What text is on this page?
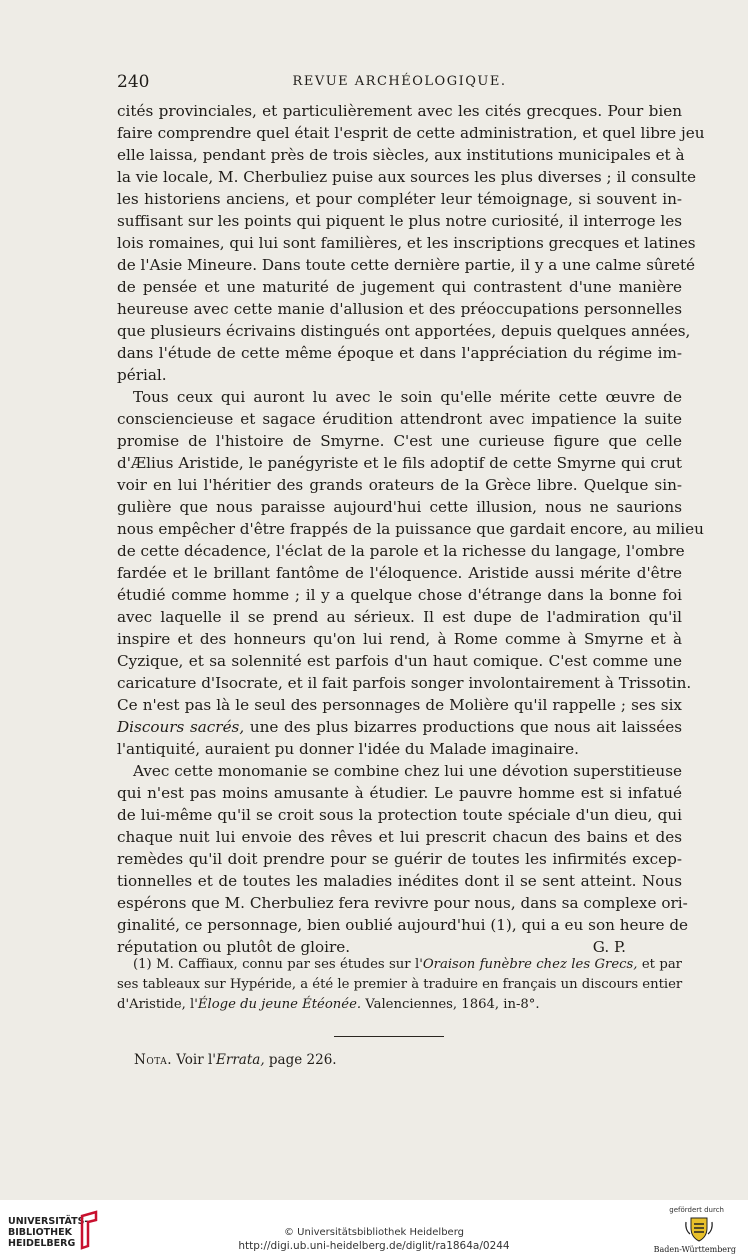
240	REVUE ARCHÉOLOGIQUE.
cités provinciales, et particulièrement avec les cités grecques. Pour bien
faire comprendre quel était l'esprit de cette administration, et quel libre jeu
elle laissa, pendant près de trois siècles, aux institutions municipales et à
la vie locale, M. Cherbuliez puise aux sources les plus diverses ; il consulte
les historiens anciens, et pour compléter leur témoignage, si souvent in-
suffisant sur les points qui piquent le plus notre curiosité, il interroge les
lois romaines, qui lui sont familières, et les inscriptions grecques et latines
de l'Asie Mineure. Dans toute cette dernière partie, il y a une calme sûreté
de pensée et une maturité de jugement qui contrastent d'une manière
heureuse avec cette manie d'allusion et des préoccupations personnelles
que plusieurs écrivains distingués ont apportées, depuis quelques années,
dans l'étude de cette même époque et dans l'appréciation du régime im-
périal.
Tous ceux qui auront lu avec le soin qu'elle mérite cette œuvre de
consciencieuse et sagace érudition attendront avec impatience la suite
promise de l'histoire de Smyrne. C'est une curieuse figure que celle
d'Ælius Aristide, le panégyriste et le fils adoptif de cette Smyrne qui crut
voir en lui l'héritier des grands orateurs de la Grèce libre. Quelque sin-
gulière que nous paraisse aujourd'hui cette illusion, nous ne saurions
nous empêcher d'être frappés de la puissance que gardait encore, au milieu
de cette décadence, l'éclat de la parole et la richesse du langage, l'ombre
fardée et le brillant fantôme de l'éloquence. Aristide aussi mérite d'être
étudié comme homme ; il y a quelque chose d'étrange dans la bonne foi
avec laquelle il se prend au sérieux. Il est dupe de l'admiration qu'il
inspire et des honneurs qu'on lui rend, à Rome comme à Smyrne et à
Cyzique, et sa solennité est parfois d'un haut comique. C'est comme une
caricature d'Isocrate, et il fait parfois songer involontairement à Trissotin.
Ce n'est pas là le seul des personnages de Molière qu'il rappelle ; ses six
Discours sacrés, une des plus bizarres productions que nous ait laissées
l'antiquité, auraient pu donner l'idée du Malade imaginaire.
Avec cette monomanie se combine chez lui une dévotion superstitieuse
qui n'est pas moins amusante à étudier. Le pauvre homme est si infatué
de lui-même qu'il se croit sous la protection toute spéciale d'un dieu, qui
chaque nuit lui envoie des rêves et lui prescrit chacun des bains et des
remèdes qu'il doit prendre pour se guérir de toutes les infirmités excep-
tionnelles et de toutes les maladies inédites dont il se sent atteint. Nous
espérons que M. Cherbuliez fera revivre pour nous, dans sa complexe ori-
ginalité, ce personnage, bien oublié aujourd'hui (1), qui a eu son heure de
réputation ou plutôt de gloire.	G. P.
(1) M. Caffiaux, connu par ses études sur l'Oraison funèbre chez les Grecs, et par
ses tableaux sur Hypéride, a été le premier à traduire en français un discours entier
d'Aristide, l'Éloge du jeune Étéonée. Valenciennes, 1864, in-8°.
Nota. Voir l'Errata, page 226.
UNIVERSITÄTS-
BIBLIOTHEK
HEIDELBERG
© Universitätsbibliothek Heidelberg
http://digi.ub.uni-heidelberg.de/diglit/ra1864a/0244
gefördert durch
Baden-Württemberg
